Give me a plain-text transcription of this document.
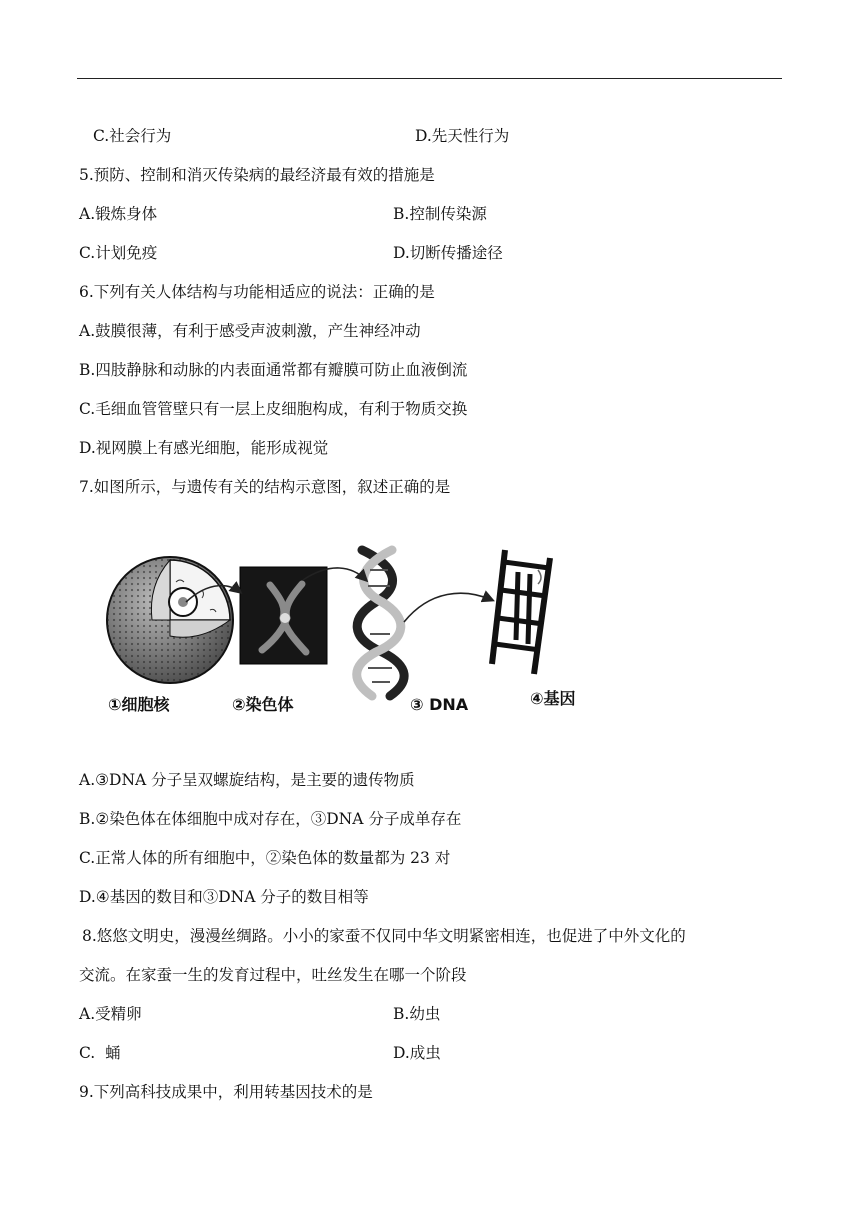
C.社会行为	D.先天性行为
5.预防、控制和消灭传染病的最经济最有效的措施是
A.锻炼身体	B.控制传染源
C.计划免疫	D.切断传播途径
6.下列有关人体结构与功能相适应的说法：正确的是
A.鼓膜很薄，有利于感受声波刺激，产生神经冲动
B.四肢静脉和动脉的内表面通常都有瓣膜可防止血液倒流
C.毛细血管管壁只有一层上皮细胞构成，有利于物质交换
D.视网膜上有感光细胞，能形成视觉
7.如图所示，与遗传有关的结构示意图，叙述正确的是
①细胞核	②染色体	③ DNA	④基因
A.③DNA 分子呈双螺旋结构，是主要的遗传物质
B.②染色体在体细胞中成对存在，③DNA 分子成单存在
C.正常人体的所有细胞中，②染色体的数量都为 23 对
D.④基因的数目和③DNA 分子的数目相等
8.悠悠文明史，漫漫丝绸路。小小的家蚕不仅同中华文明紧密相连，也促进了中外文化的
交流。在家蚕一生的发育过程中，吐丝发生在哪一个阶段
A.受精卵	B.幼虫
C.  蛹	D.成虫
9.下列高科技成果中，利用转基因技术的是
